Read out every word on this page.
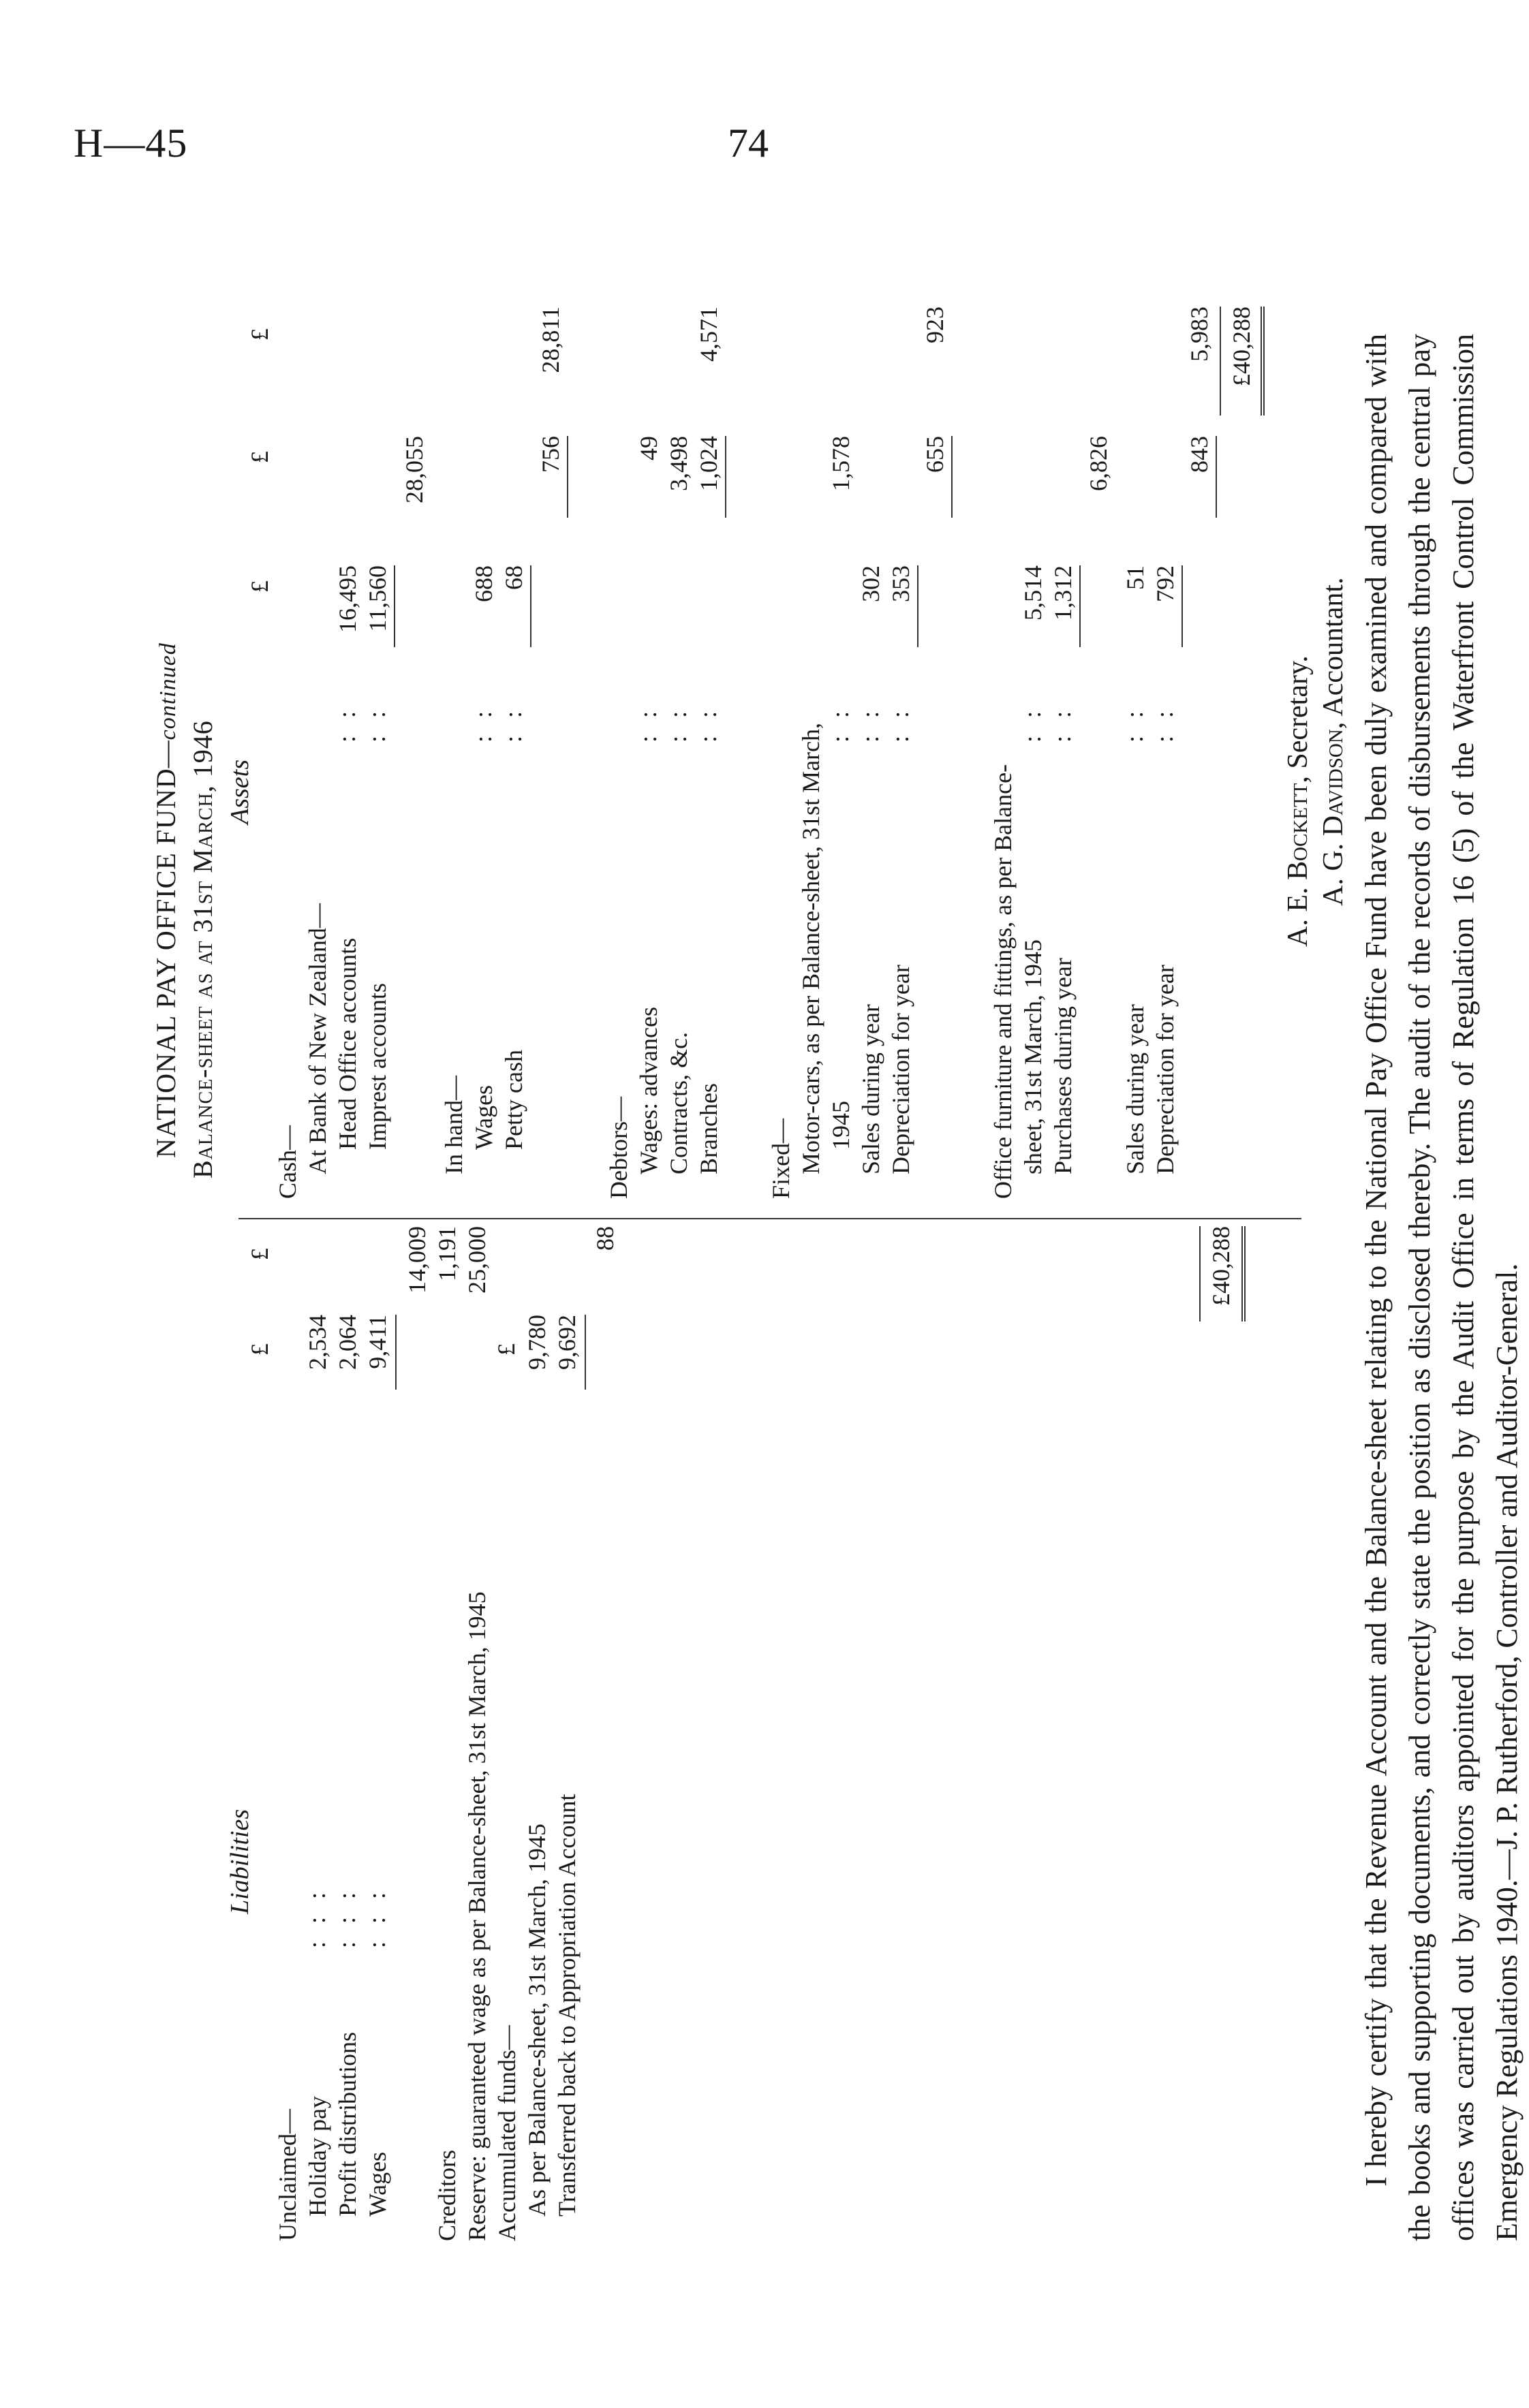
H—45	74
NATIONAL PAY OFFICE FUND—continued
Balance-sheet as at 31st March, 1946
Liabilities
Assets
£
£
£
£
£
Unclaimed— Holiday pay
:::
2,534
Profit distributions
:::
2,064
Wages
:::
9,411
14,009
Creditors
1,191
Reserve: guaranteed wage as per Balance-sheet, 31st March, 1945
25,000
Accumulated funds—
£
As per Balance-sheet, 31st March, 1945
9,780
Transferred back to Appropriation Account
9,692
88	£40,288
Cash— At Bank of New Zealand— Head Office accounts
::
16,495
Imprest accounts
::
11,560
28,055
In hand— Wages
::
688
Petty cash
::
68
756
28,811
Debtors— Wages: advances
::
49
Contracts, &c.
::
3,498
Branches
::
1,024
4,571
Fixed— Motor-cars, as per Balance-sheet, 31st March, 1945
::
1,578
Sales during year
::
302
Depreciation for year
::
353
655
923
Office furniture and fittings, as per Balance- sheet, 31st March, 1945
::
5,514
Purchases during year
::
1,312
6,826
Sales during year
::
51
Depreciation for year
::
792
843
5,983 £40,288
A. E. Bockett, Secretary.
A. G. Davidson, Accountant. I hereby certify that the Revenue Account and the Balance-sheet relating to the National Pay Office Fund have been duly examined and compared with the books and supporting documents, and correctly state the position as disclosed thereby. The audit of the records of disbursements through the central pay offices was carried out by auditors appointed for the purpose by the Audit Office in terms of Regulation 16 (5) of the Waterfront Control Commission Emergency Regulations 1940.—J. P. Rutherford, Controller and Auditor-General.
